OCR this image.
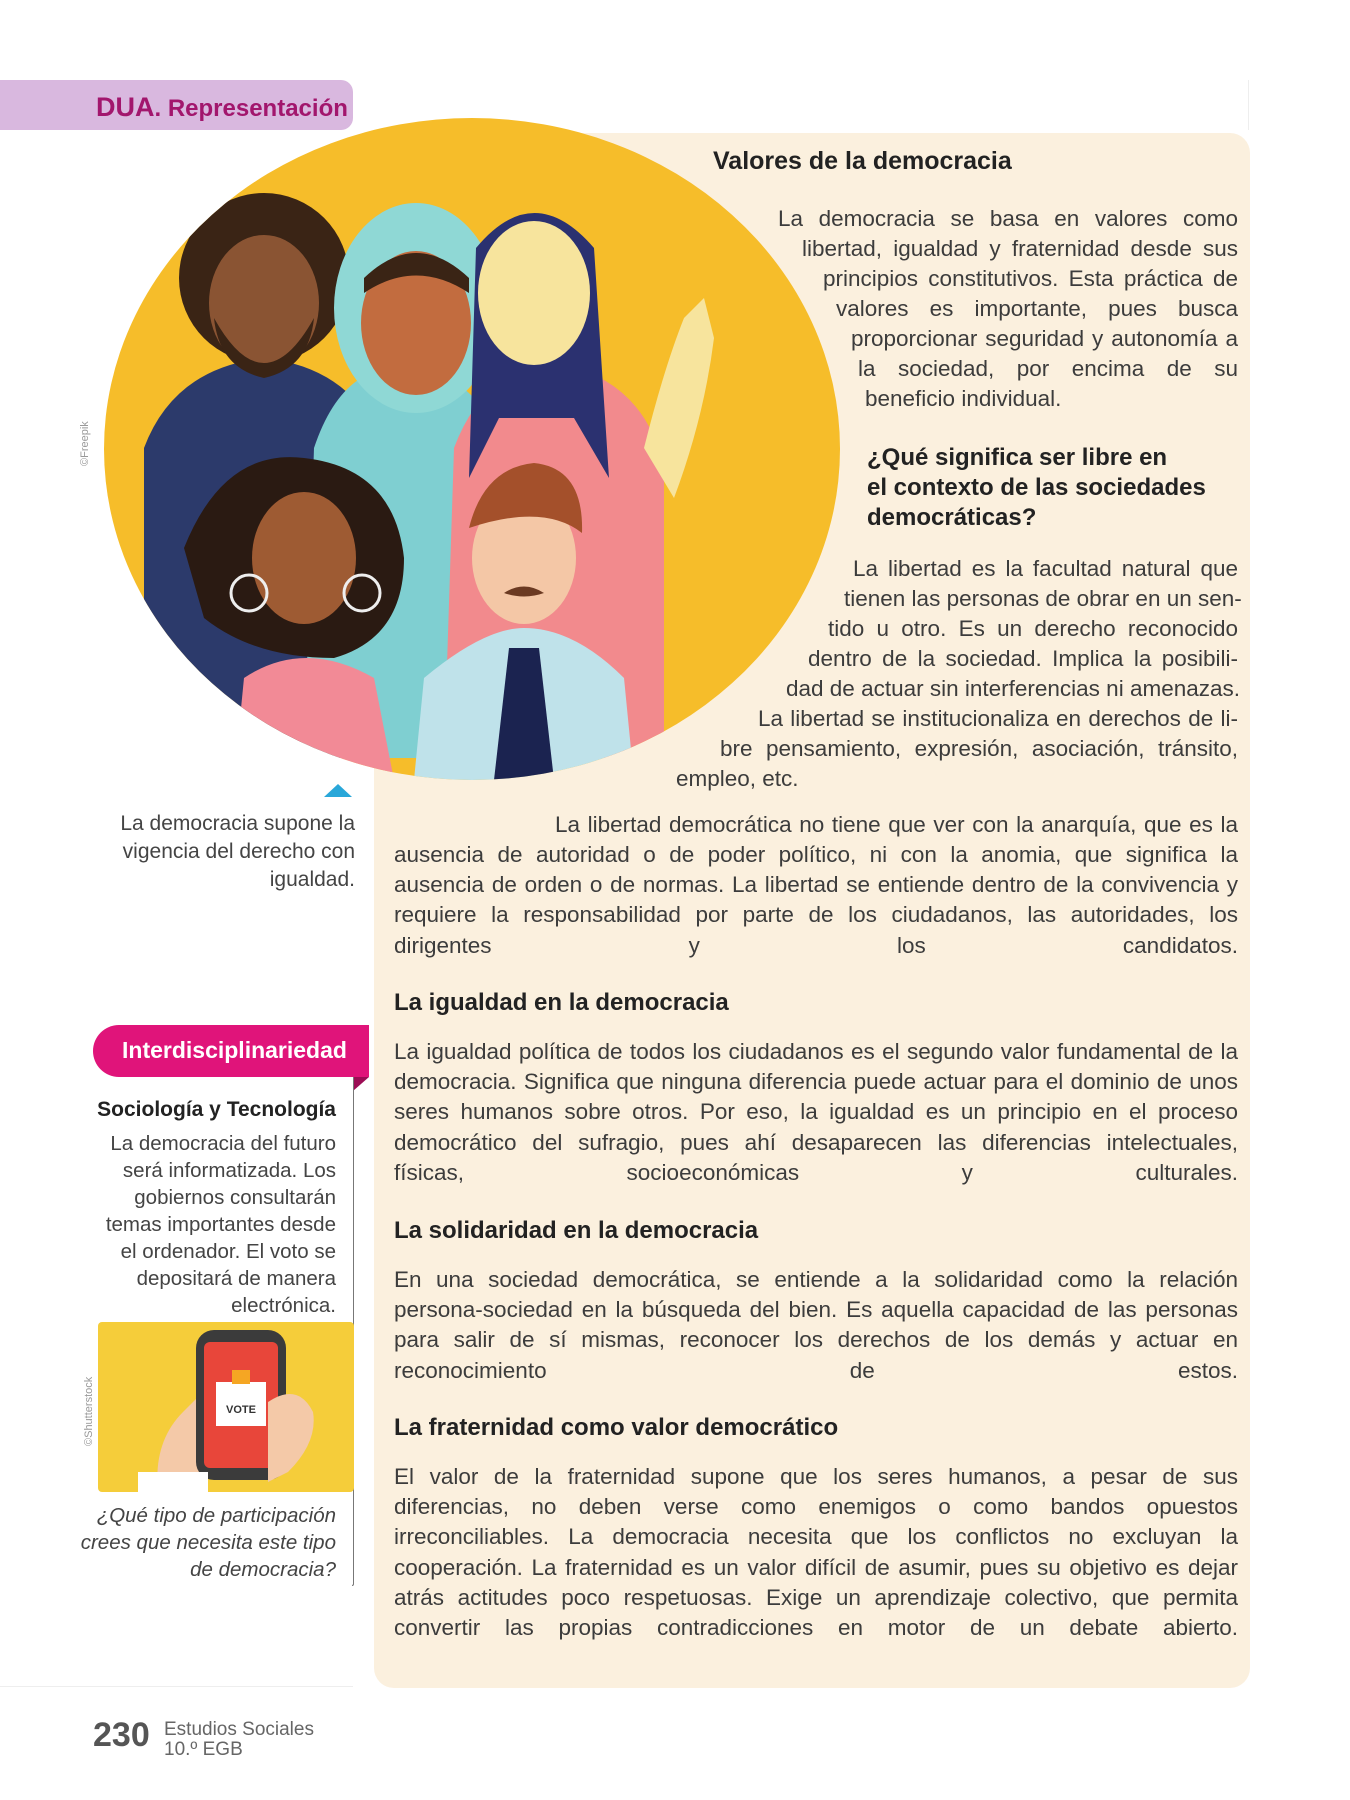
DUA. Representación
©Freepik
Valores de la democracia
La democracia se basa en valores como
libertad, igualdad y fraternidad desde sus
principios constitutivos. Esta práctica de
valores es importante, pues busca
proporcionar seguridad y autonomía a
la sociedad, por encima de su
beneficio individual.
¿Qué significa ser libre en
el contexto de las sociedades
democráticas?
La libertad es la facultad natural que
tienen las personas de obrar en un sen-
tido u otro. Es un derecho reconocido
dentro de la sociedad. Implica la posibili-
dad de actuar sin interferencias ni amenazas.
La libertad se institucionaliza en derechos de li-
bre pensamiento, expresión, asociación, tránsito,
empleo, etc.
La democracia supone la
vigencia del derecho con
igualdad.
La libertad democrática no tiene que ver con la anarquía, que es la
ausencia de autoridad o de poder político, ni con la anomia, que significa la ausencia de orden o de normas. La libertad se entiende dentro de la convivencia y requiere la responsabilidad por parte de los ciudadanos, las autoridades, los dirigentes y los candidatos.
La igualdad en la democracia
La igualdad política de todos los ciudadanos es el segundo valor fundamental de la democracia. Significa que ninguna diferencia puede actuar para el dominio de unos seres humanos sobre otros. Por eso, la igualdad es un principio en el proceso democrático del sufragio, pues ahí desaparecen las diferencias intelectuales, físicas, socioeconómicas y culturales.
La solidaridad en la democracia
En una sociedad democrática, se entiende a la solidaridad como la relación persona-sociedad en la búsqueda del bien. Es aquella capacidad de las personas para salir de sí mismas, reconocer los derechos de los demás y actuar en reconocimiento de estos.
La fraternidad como valor democrático
El valor de la fraternidad supone que los seres humanos, a pesar de sus diferencias, no deben verse como enemigos o como bandos opuestos irreconciliables. La democracia necesita que los conflictos no excluyan la cooperación. La fraternidad es un valor difícil de asumir, pues su objetivo es dejar atrás actitudes poco respetuosas. Exige un aprendizaje colectivo, que permita convertir las propias contradicciones en motor de un debate abierto.
Interdisciplinariedad
Sociología y Tecnología
La democracia del futuro
será informatizada. Los
gobiernos consultarán
temas importantes desde
el ordenador. El voto se
depositará de manera
electrónica.
VOTE
©Shutterstock
¿Qué tipo de participación
crees que necesita este tipo
de democracia?
230 Estudios Sociales
10.º EGB
